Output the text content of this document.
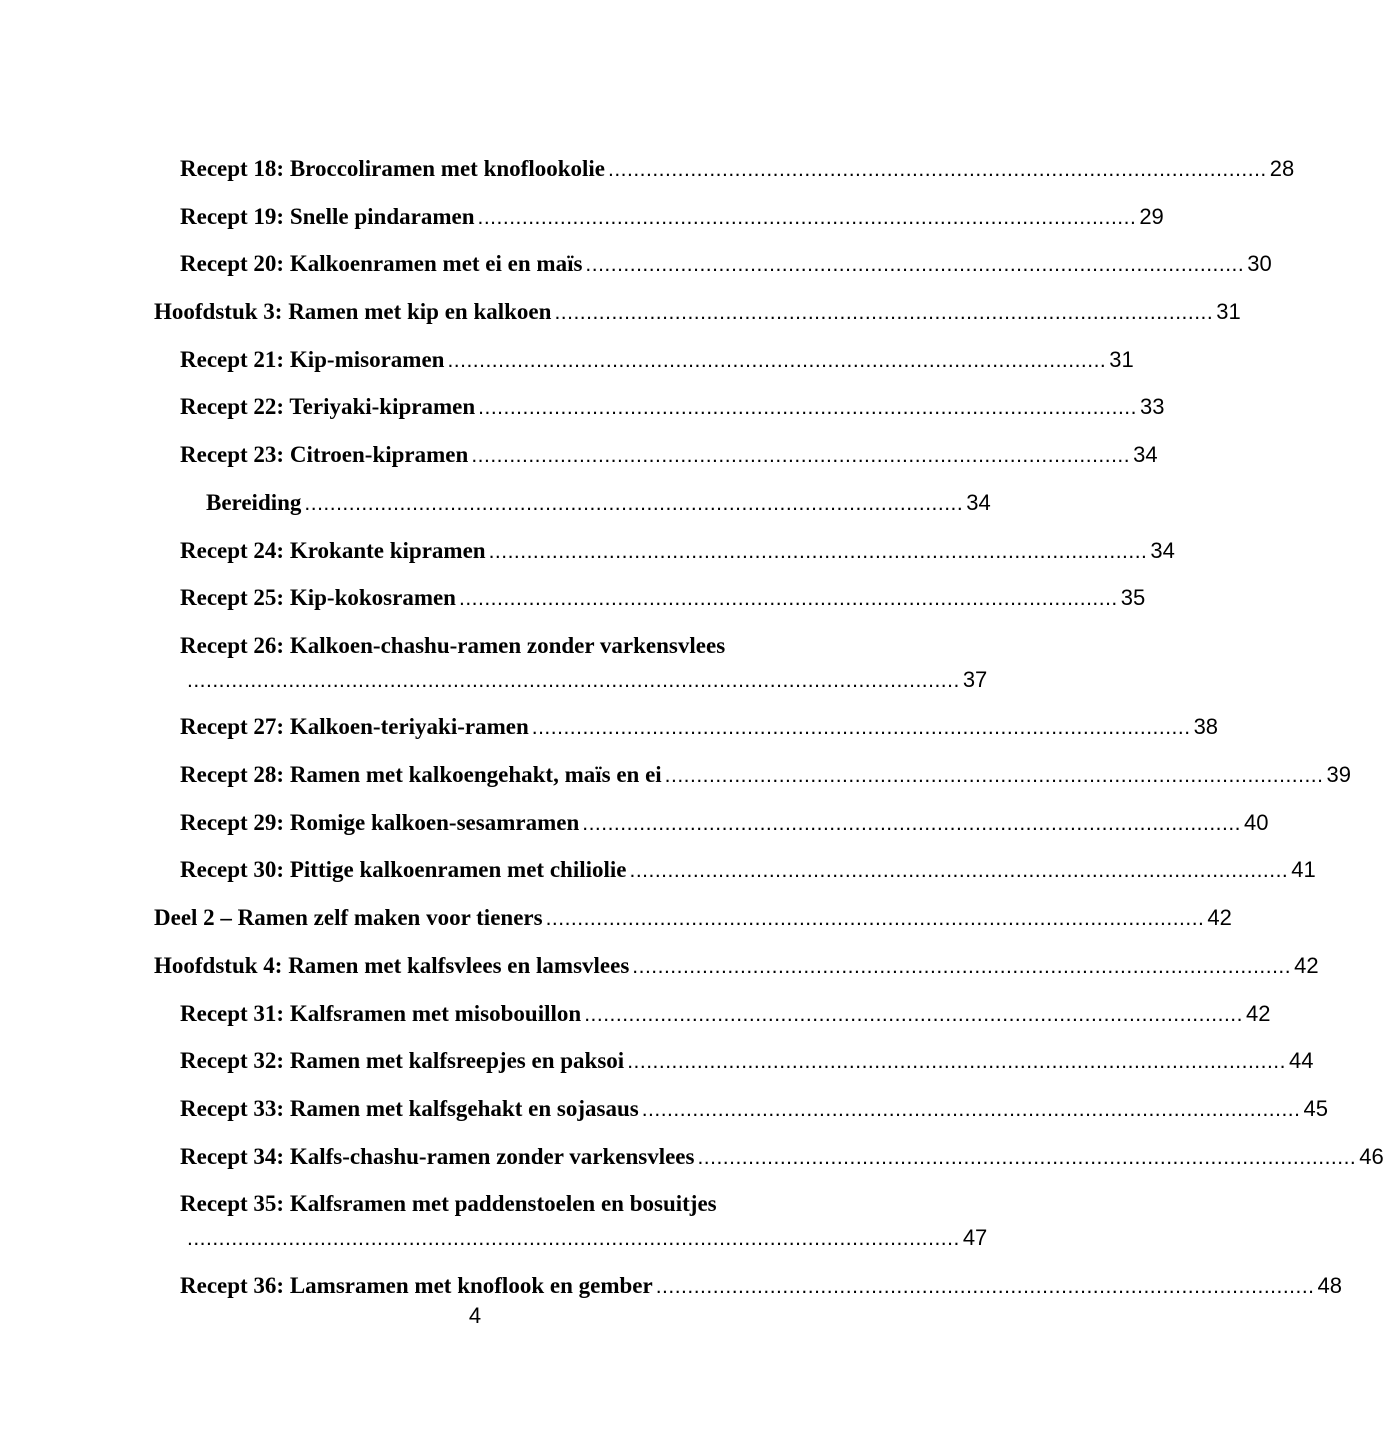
Recept 18: Broccoliramen met knoflookolie ........................................................................................................ 28
Recept 19: Snelle pindaramen ........................................................................................................ 29
Recept 20: Kalkoenramen met ei en maïs ........................................................................................................ 30
Hoofdstuk 3: Ramen met kip en kalkoen ........................................................................................................ 31
Recept 21: Kip-misoramen ........................................................................................................ 31
Recept 22: Teriyaki-kipramen ........................................................................................................ 33
Recept 23: Citroen-kipramen ........................................................................................................ 34
Bereiding ........................................................................................................ 34
Recept 24: Krokante kipramen ........................................................................................................ 34
Recept 25: Kip-kokosramen ........................................................................................................ 35
Recept 26: Kalkoen-chashu-ramen zonder varkensvlees
.......................................................................................................................... 37
Recept 27: Kalkoen-teriyaki-ramen ........................................................................................................ 38
Recept 28: Ramen met kalkoengehakt, maïs en ei ........................................................................................................ 39
Recept 29: Romige kalkoen-sesamramen ........................................................................................................ 40
Recept 30: Pittige kalkoenramen met chiliolie ........................................................................................................ 41
Deel 2 – Ramen zelf maken voor tieners ........................................................................................................ 42
Hoofdstuk 4: Ramen met kalfsvlees en lamsvlees ........................................................................................................ 42
Recept 31: Kalfsramen met misobouillon ........................................................................................................ 42
Recept 32: Ramen met kalfsreepjes en paksoi ........................................................................................................ 44
Recept 33: Ramen met kalfsgehakt en sojasaus ........................................................................................................ 45
Recept 34: Kalfs-chashu-ramen zonder varkensvlees ........................................................................................................ 46
Recept 35: Kalfsramen met paddenstoelen en bosuitjes
.......................................................................................................................... 47
Recept 36: Lamsramen met knoflook en gember ........................................................................................................ 48
4
